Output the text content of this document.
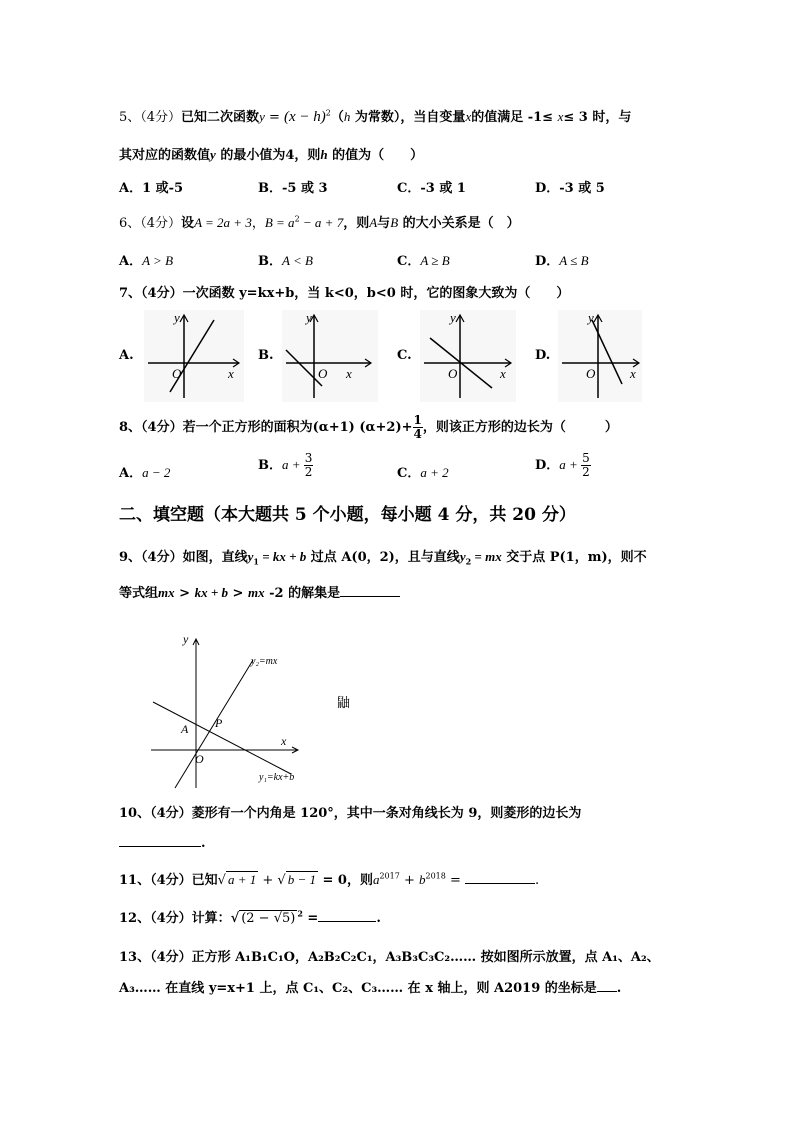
5、（4分）已知二次函数$y = (x - h)^2(h$ 为常数），当自变量x的值满足 -1≤ x≤ 3 时，与
其对应的函数值y 的最小值为4，则h 的值为（　　）
A．1 或-5	B．-5 或 3	C．-3 或 1	D．-3 或 5
6、（4分）设A = 2a + 3，$B = a^2 - a + 7$，则A与B 的大小关系是（　）
A．A > B	B．A < B	C．A ≥ B	D．A ≤ B
7、（4分）一次函数 y=kx+b，当 k<0，b<0 时，它的图象大致为（　　）
A.
y
x
O
B.
y
x
O
C.
y
x
O
D.
y
x
O
8、（4分）若一个正方形的面积为(α+1) $(\alpha+2)+ \frac{1}{4}$ ，则该正方形的边长为（　　　）
A．a − 2	B．$a + \frac{3}{2}$	C．a + 2	D．$a + \frac{5}{2}$
二、填空题（本大题共 5 个小题，每小题 4 分，共 20 分）
9、（4分）如图，直线$y_1$ = kx + b 过点 A(0，2)，且与直线$y_2$ = mx 交于点 P(1，m)，则不
等式组mx > kx + b > mx -2 的解集是
y
x
O
A P
y₂=mx
y₁=kx+b
鼬
10、（4分）菱形有一个内角是 120°，其中一条对角线长为 9，则菱形的边长为
.
11、（4分）已知√ a + 1 + √ b − 1 = 0，则$a^{2017} + b^{2018}$ =	.
12、（4分）计算：√ (2 − √5) $^2$ =	.
13、（4分）正方形 A₁B₁C₁O，A₂B₂C₂C₁，A₃B₃C₃C₂…… 按如图所示放置，点 A₁、A₂、
A₃…… 在直线 y=x+1 上，点 C₁、C₂、C₃…… 在 x 轴上，则 A2019 的坐标是 .
